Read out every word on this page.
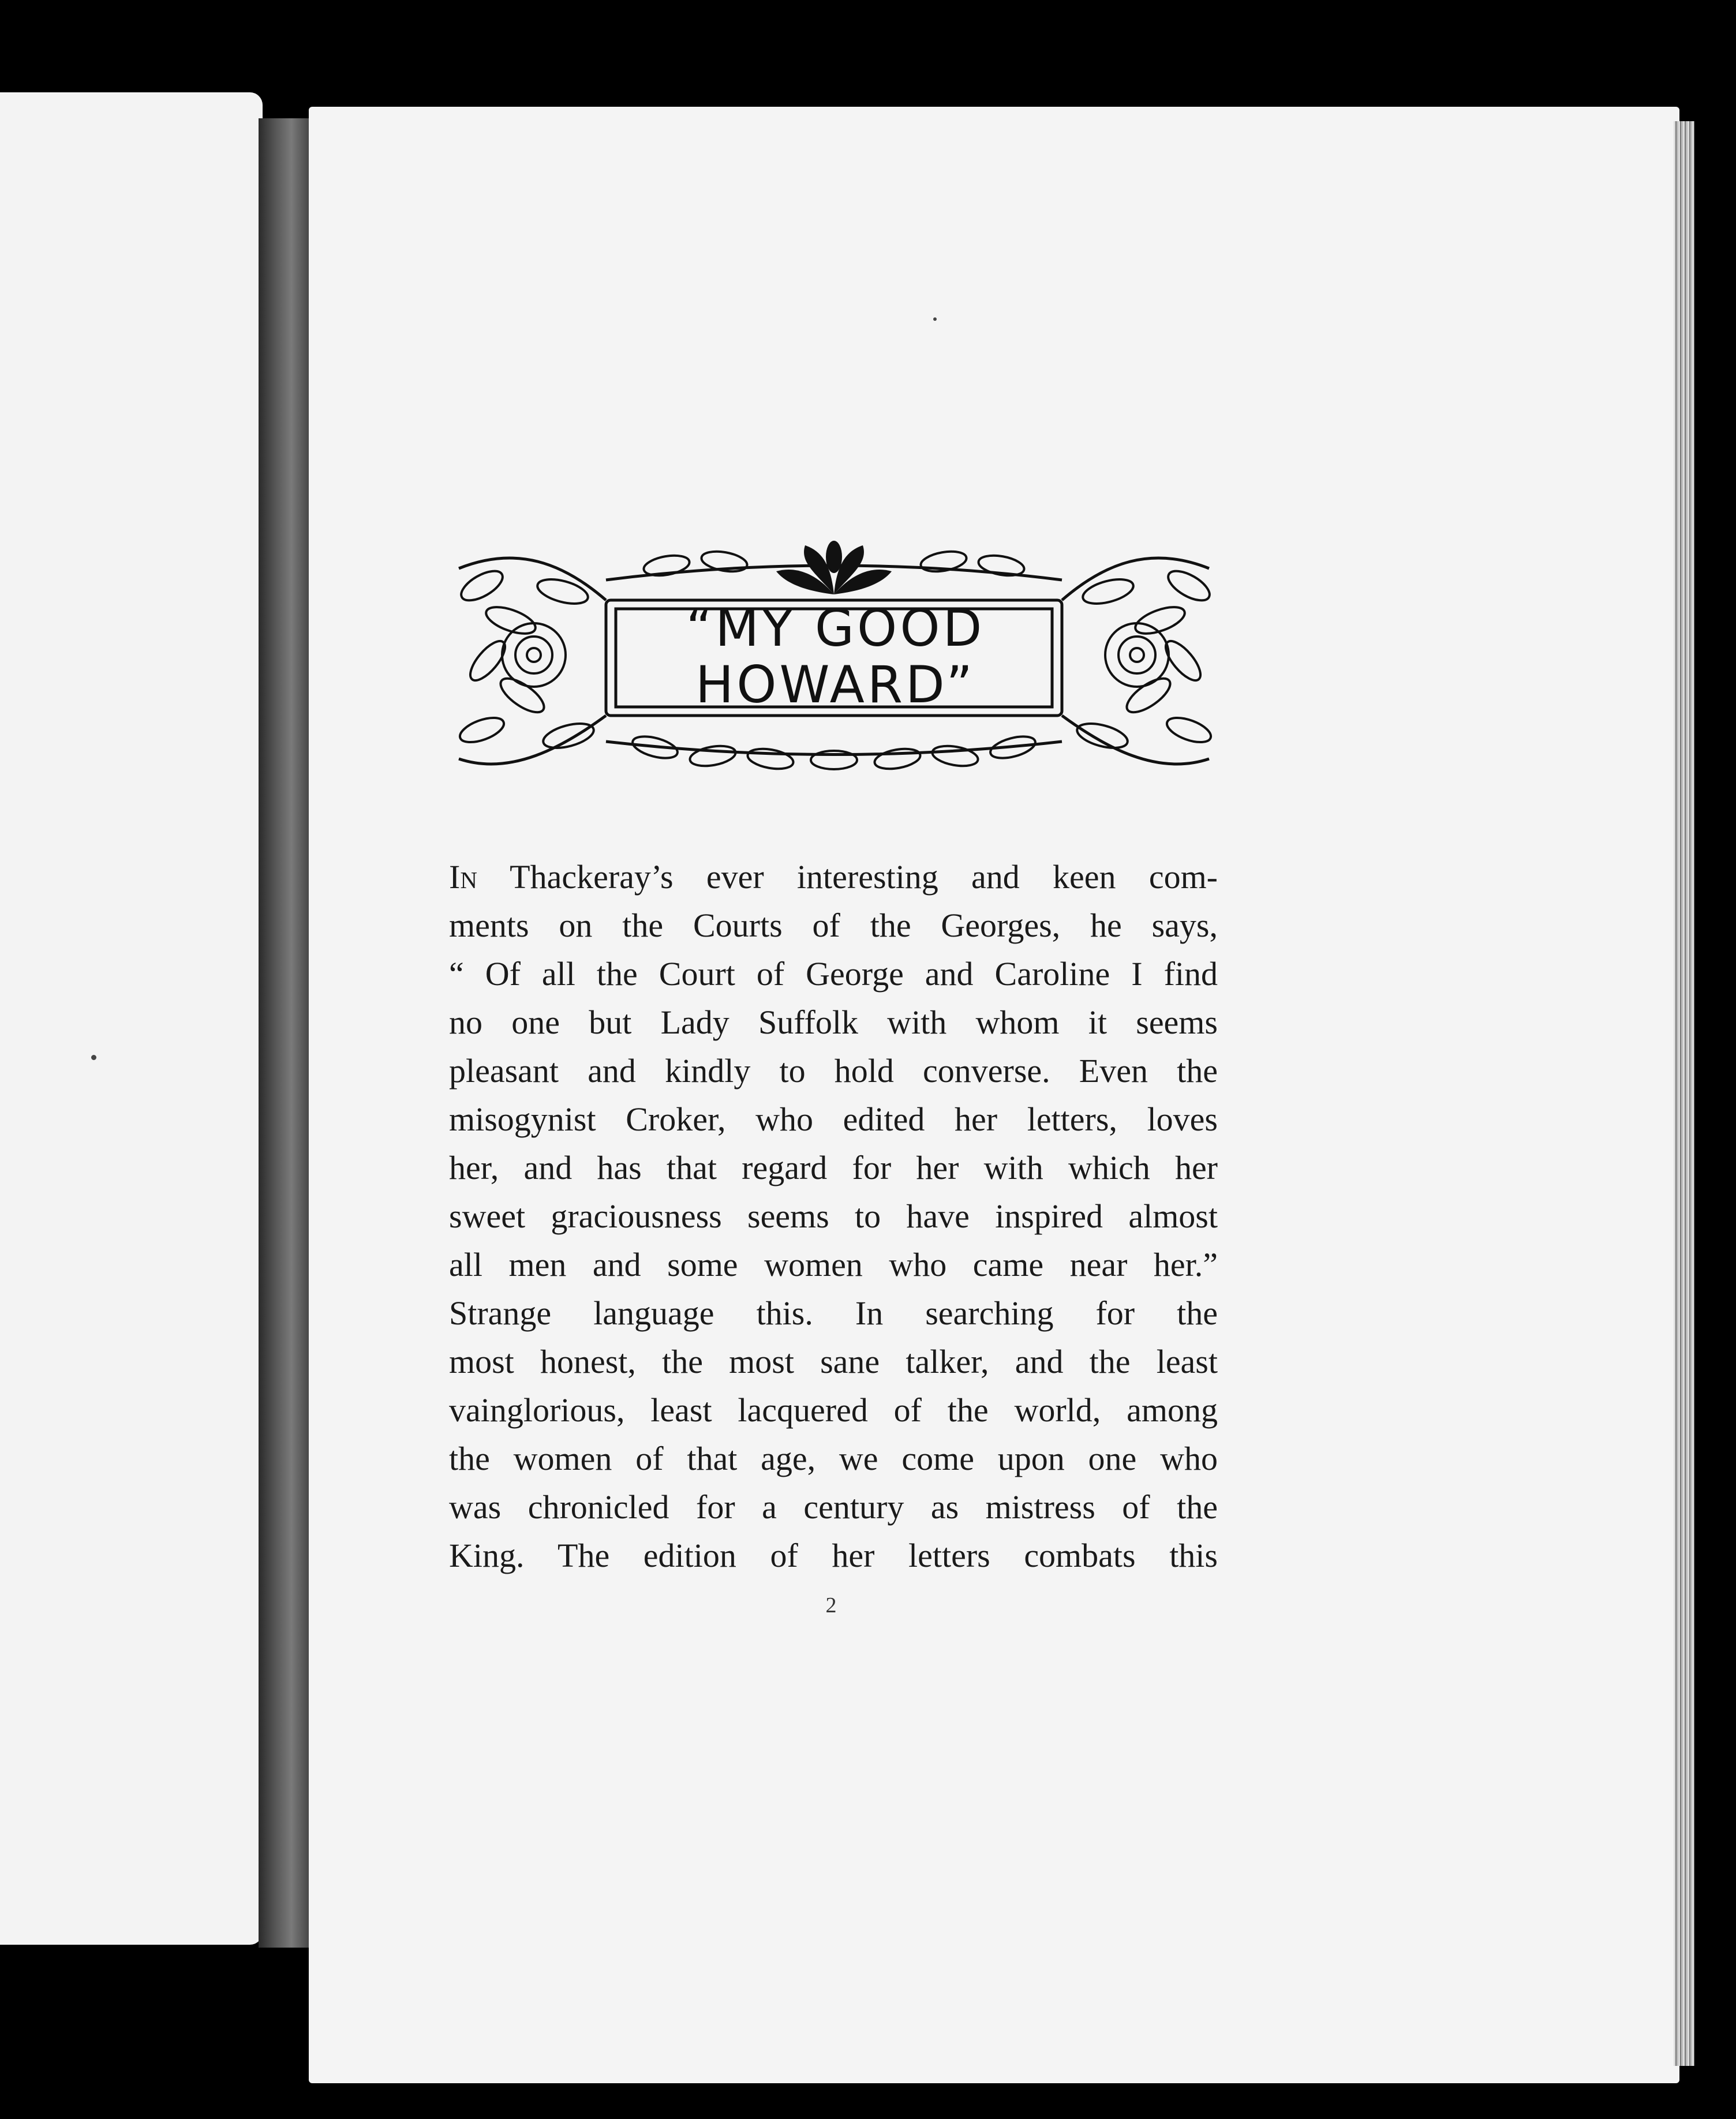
“MY GOOD
HOWARD”
In Thackeray’s ever interesting and keen com-
ments on the Courts of the Georges, he says,
“ Of all the Court of George and Caroline I find
no one but Lady Suffolk with whom it seems
pleasant and kindly to hold converse. Even the
misogynist Croker, who edited her letters, loves
her, and has that regard for her with which her
sweet graciousness seems to have inspired almost
all men and some women who came near her.”
Strange language this. In searching for the
most honest, the most sane talker, and the least
vainglorious, least lacquered of the world, among
the women of that age, we come upon one who
was chronicled for a century as mistress of the
King. The edition of her letters combats this
2
